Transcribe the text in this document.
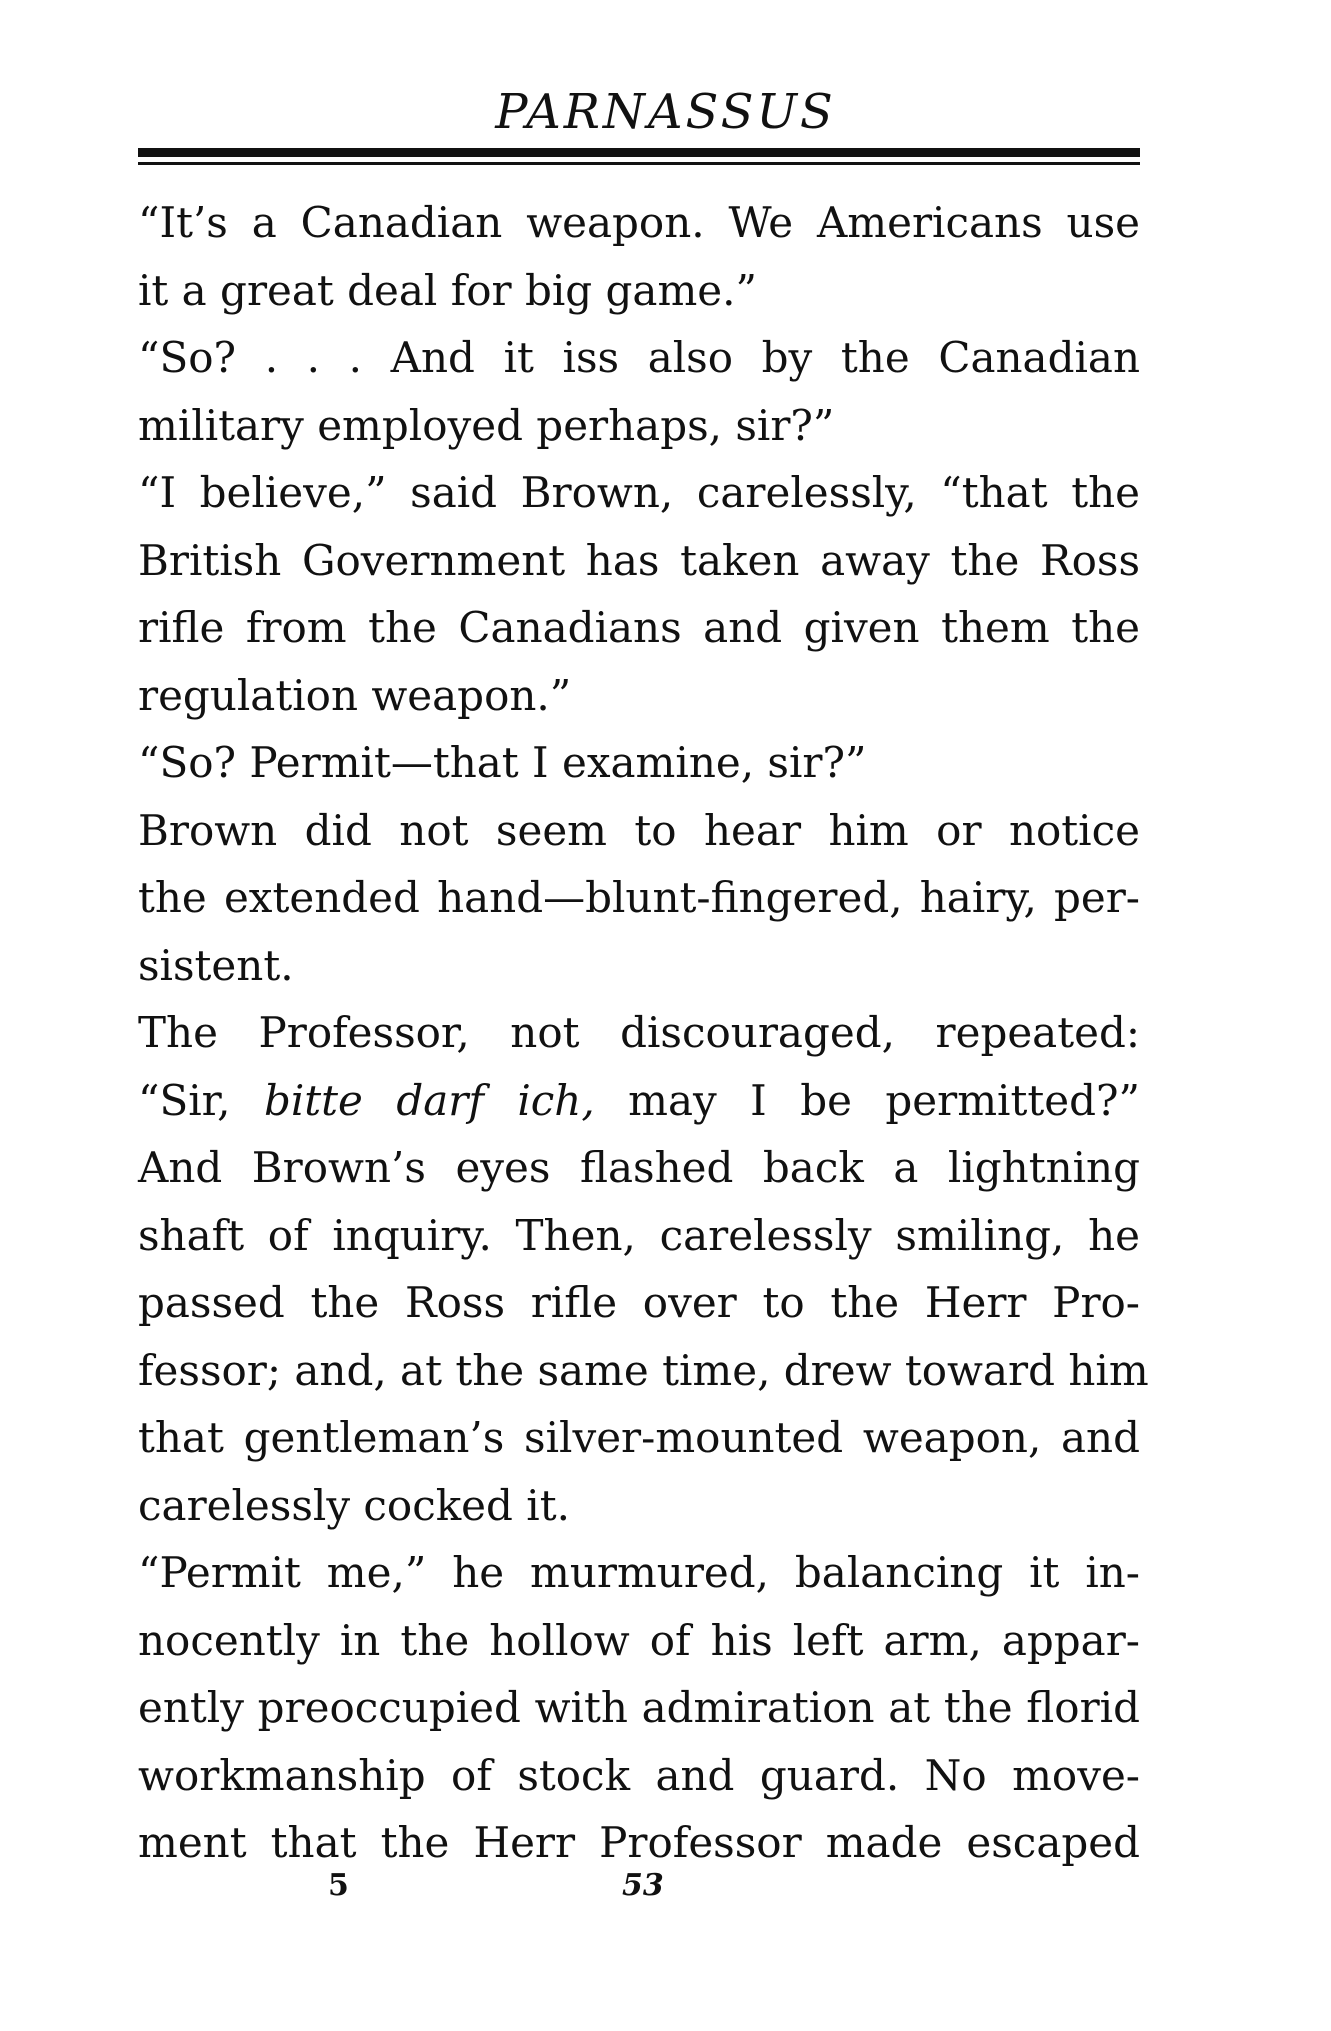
PARNASSUS
“It’s a Canadian weapon. We Americans use
it a great deal for big game.”
“So? . . . And it iss also by the Canadian
military employed perhaps, sir?”
“I believe,” said Brown, carelessly, “that the
British Government has taken away the Ross
rifle from the Canadians and given them the
regulation weapon.”
“So? Permit—that I examine, sir?”
Brown did not seem to hear him or notice
the extended hand—blunt-fingered, hairy, per-
sistent.
The Professor, not discouraged, repeated:
“Sir, bitte darf ich, may I be permitted?”
And Brown’s eyes flashed back a lightning
shaft of inquiry. Then, carelessly smiling, he
passed the Ross rifle over to the Herr Pro-
fessor; and, at the same time, drew toward him
that gentleman’s silver-mounted weapon, and
carelessly cocked it.
“Permit me,” he murmured, balancing it in-
nocently in the hollow of his left arm, appar-
ently preoccupied with admiration at the florid
workmanship of stock and guard. No move-
ment that the Herr Professor made escaped
5	53
